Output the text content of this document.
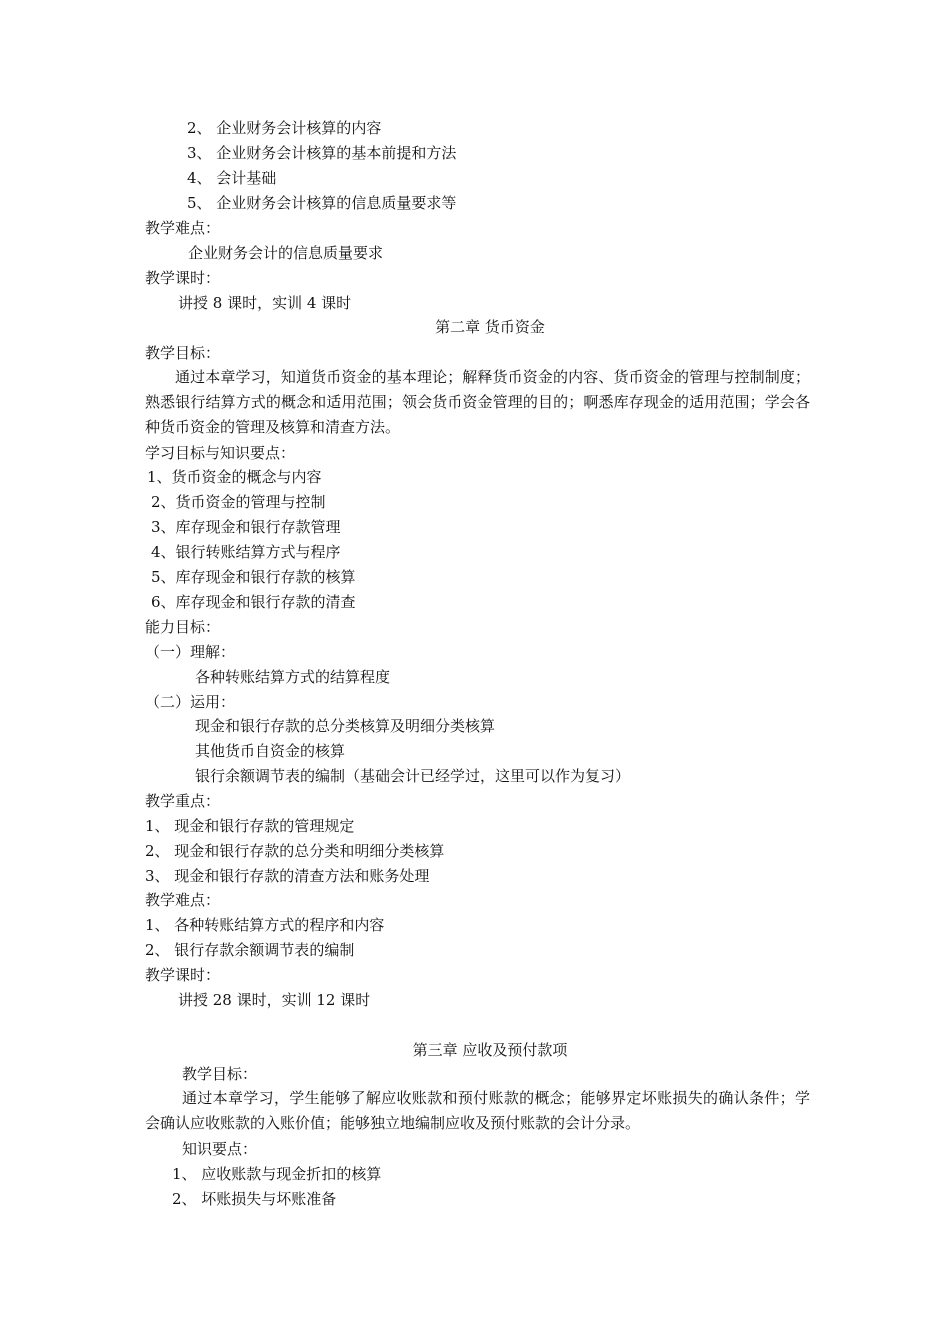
2、 企业财务会计核算的内容
3、 企业财务会计核算的基本前提和方法
4、 会计基础
5、 企业财务会计核算的信息质量要求等
教学难点：
企业财务会计的信息质量要求
教学课时：
讲授 8 课时，实训 4 课时
第二章 货币资金
教学目标：
通过本章学习，知道货币资金的基本理论；解释货币资金的内容、货币资金的管理与控制制度；熟悉银行结算方式的概念和适用范围；领会货币资金管理的目的；啊悉库存现金的适用范围；学会各种货币资金的管理及核算和清查方法。
学习目标与知识要点：
1、货币资金的概念与内容
2、货币资金的管理与控制
3、库存现金和银行存款管理
4、银行转账结算方式与程序
5、库存现金和银行存款的核算
6、库存现金和银行存款的清查
能力目标：
（一）理解：
各种转账结算方式的结算程度
（二）运用：
现金和银行存款的总分类核算及明细分类核算
其他货币自资金的核算
银行余额调节表的编制（基础会计已经学过，这里可以作为复习）
教学重点：
1、 现金和银行存款的管理规定
2、 现金和银行存款的总分类和明细分类核算
3、 现金和银行存款的清查方法和账务处理
教学难点：
1、 各种转账结算方式的程序和内容
2、 银行存款余额调节表的编制
教学课时：
讲授 28 课时，实训 12 课时
第三章 应收及预付款项
教学目标：
通过本章学习，学生能够了解应收账款和预付账款的概念；能够界定坏账损失的确认条件；学会确认应收账款的入账价值；能够独立地编制应收及预付账款的会计分录。
知识要点：
1、 应收账款与现金折扣的核算
2、 坏账损失与坏账准备
